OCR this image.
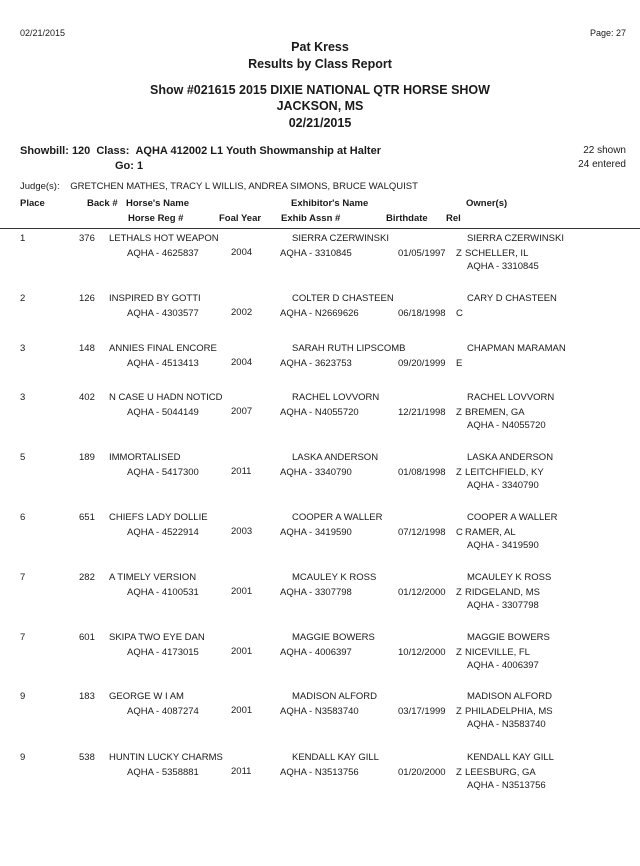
02/21/2015	Page: 27
Pat Kress
Results by Class Report
Show #021615 2015 DIXIE NATIONAL QTR HORSE SHOW
JACKSON, MS
02/21/2015
Showbill: 120 Class: AQHA 412002 L1 Youth Showmanship at Halter
Go: 1
22 shown
24 entered
Judge(s): GRETCHEN MATHES, TRACY L WILLIS, ANDREA SIMONS, BRUCE WALQUIST
Place	Back # Horse's Name	Exhibitor's Name	Owner(s)
Horse Reg #	Foal Year Exhib Assn #	Birthdate Rel
1	376 LETHALS HOT WEAPON	SIERRA CZERWINSKI	SIERRA CZERWINSKI
AQHA - 4625837	2004	AQHA - 3310845	01/05/1997 Z SCHELLER, IL
AQHA - 3310845
2	126 INSPIRED BY GOTTI	COLTER D CHASTEEN	CARY D CHASTEEN
AQHA - 4303577	2002	AQHA - N2669626	06/18/1998 C
3	148 ANNIES FINAL ENCORE	SARAH RUTH LIPSCOMB	CHAPMAN MARAMAN
AQHA - 4513413	2004	AQHA - 3623753	09/20/1999 E
3	402 N CASE U HADN NOTICD	RACHEL LOVVORN	RACHEL LOVVORN
AQHA - 5044149	2007	AQHA - N4055720	12/21/1998 Z BREMEN, GA
AQHA - N4055720
5	189 IMMORTALISED	LASKA ANDERSON	LASKA ANDERSON
AQHA - 5417300	2011	AQHA - 3340790	01/08/1998 Z LEITCHFIELD, KY
AQHA - 3340790
6	651 CHIEFS LADY DOLLIE	COOPER A WALLER	COOPER A WALLER
AQHA - 4522914	2003	AQHA - 3419590	07/12/1998 C RAMER, AL
AQHA - 3419590
7	282 A TIMELY VERSION	MCAULEY K ROSS	MCAULEY K ROSS
AQHA - 4100531	2001	AQHA - 3307798	01/12/2000 Z RIDGELAND, MS
AQHA - 3307798
7	601 SKIPA TWO EYE DAN	MAGGIE BOWERS	MAGGIE BOWERS
AQHA - 4173015	2001	AQHA - 4006397	10/12/2000 Z NICEVILLE, FL
AQHA - 4006397
9	183 GEORGE W I AM	MADISON ALFORD	MADISON ALFORD
AQHA - 4087274	2001	AQHA - N3583740	03/17/1999 Z PHILADELPHIA, MS
AQHA - N3583740
9	538 HUNTIN LUCKY CHARMS	KENDALL KAY GILL	KENDALL KAY GILL
AQHA - 5358881	2011	AQHA - N3513756	01/20/2000 Z LEESBURG, GA
AQHA - N3513756
